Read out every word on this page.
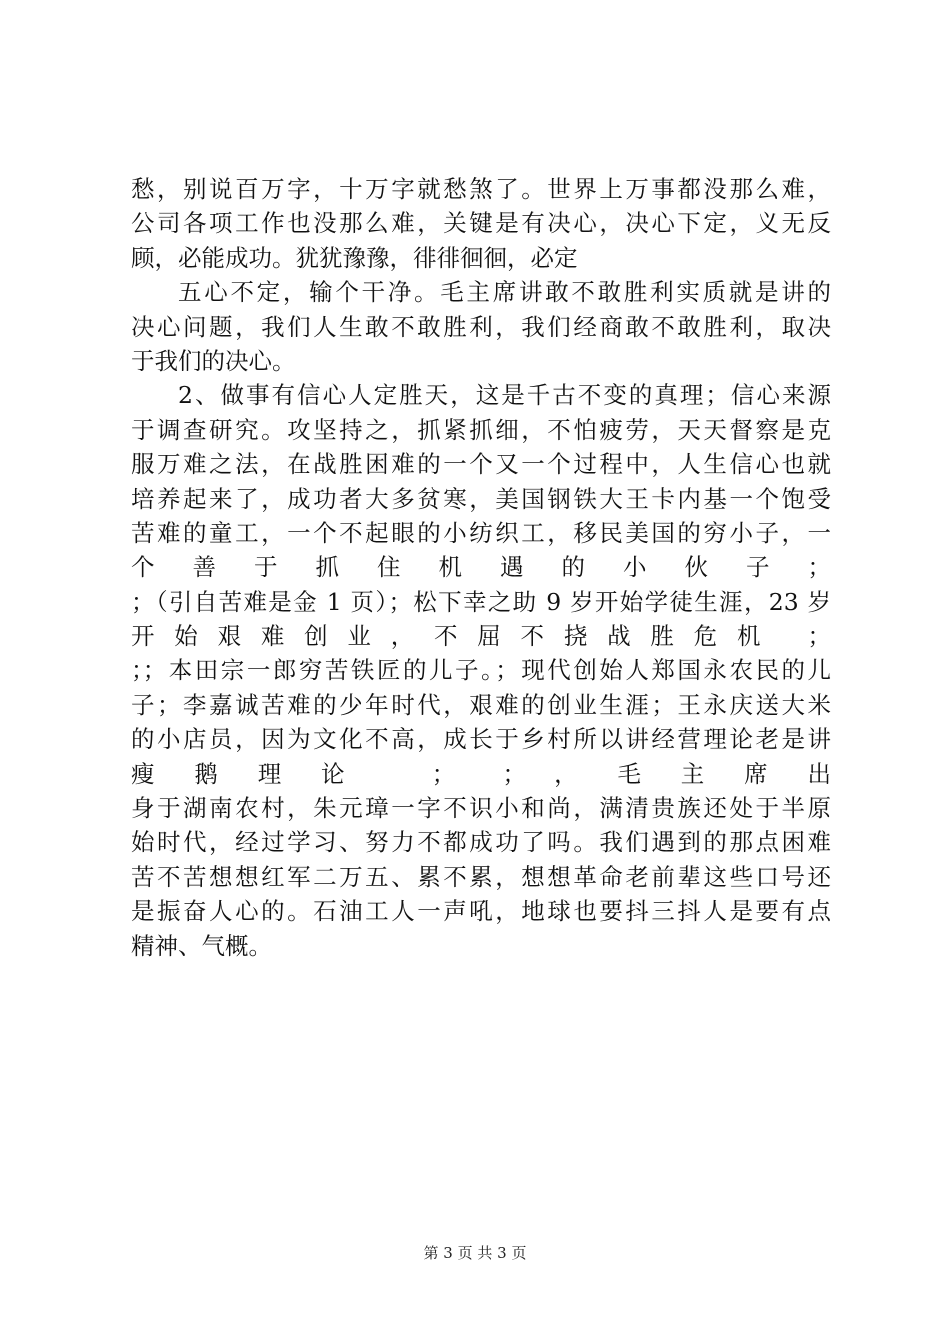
愁，别说百万字，十万字就愁煞了。世界上万事都没那么难，
公司各项工作也没那么难，关键是有决心，决心下定，义无反
顾，必能成功。犹犹豫豫，徘徘徊徊，必定
五心不定，输个干净。毛主席讲敢不敢胜利实质就是讲的
决心问题，我们人生敢不敢胜利，我们经商敢不敢胜利，取决
于我们的决心。
2、做事有信心人定胜天，这是千古不变的真理；信心来源
于调查研究。攻坚持之，抓紧抓细，不怕疲劳，天天督察是克
服万难之法，在战胜困难的一个又一个过程中，人生信心也就
培养起来了，成功者大多贫寒，美国钢铁大王卡内基一个饱受
苦难的童工，一个不起眼的小纺织工，移民美国的穷小子，一
个 善 于 抓 住 机 遇 的 小 伙 子 ；
；（引自苦难是金 1 页）；松下幸之助 9 岁开始学徒生涯，23 岁
开始艰难创业，不屈不挠战胜危机 ；
；；本田宗一郎穷苦铁匠的儿子。；现代创始人郑国永农民的儿
子；李嘉诚苦难的少年时代，艰难的创业生涯；王永庆送大米
的小店员，因为文化不高，成长于乡村所以讲经营理论老是讲
瘦鹅理论 ； ；，毛主席出
身于湖南农村，朱元璋一字不识小和尚，满清贵族还处于半原
始时代，经过学习、努力不都成功了吗。我们遇到的那点困难
苦不苦想想红军二万五、累不累，想想革命老前辈这些口号还
是振奋人心的。石油工人一声吼，地球也要抖三抖人是要有点
精神、气概。
第 3 页 共 3 页
